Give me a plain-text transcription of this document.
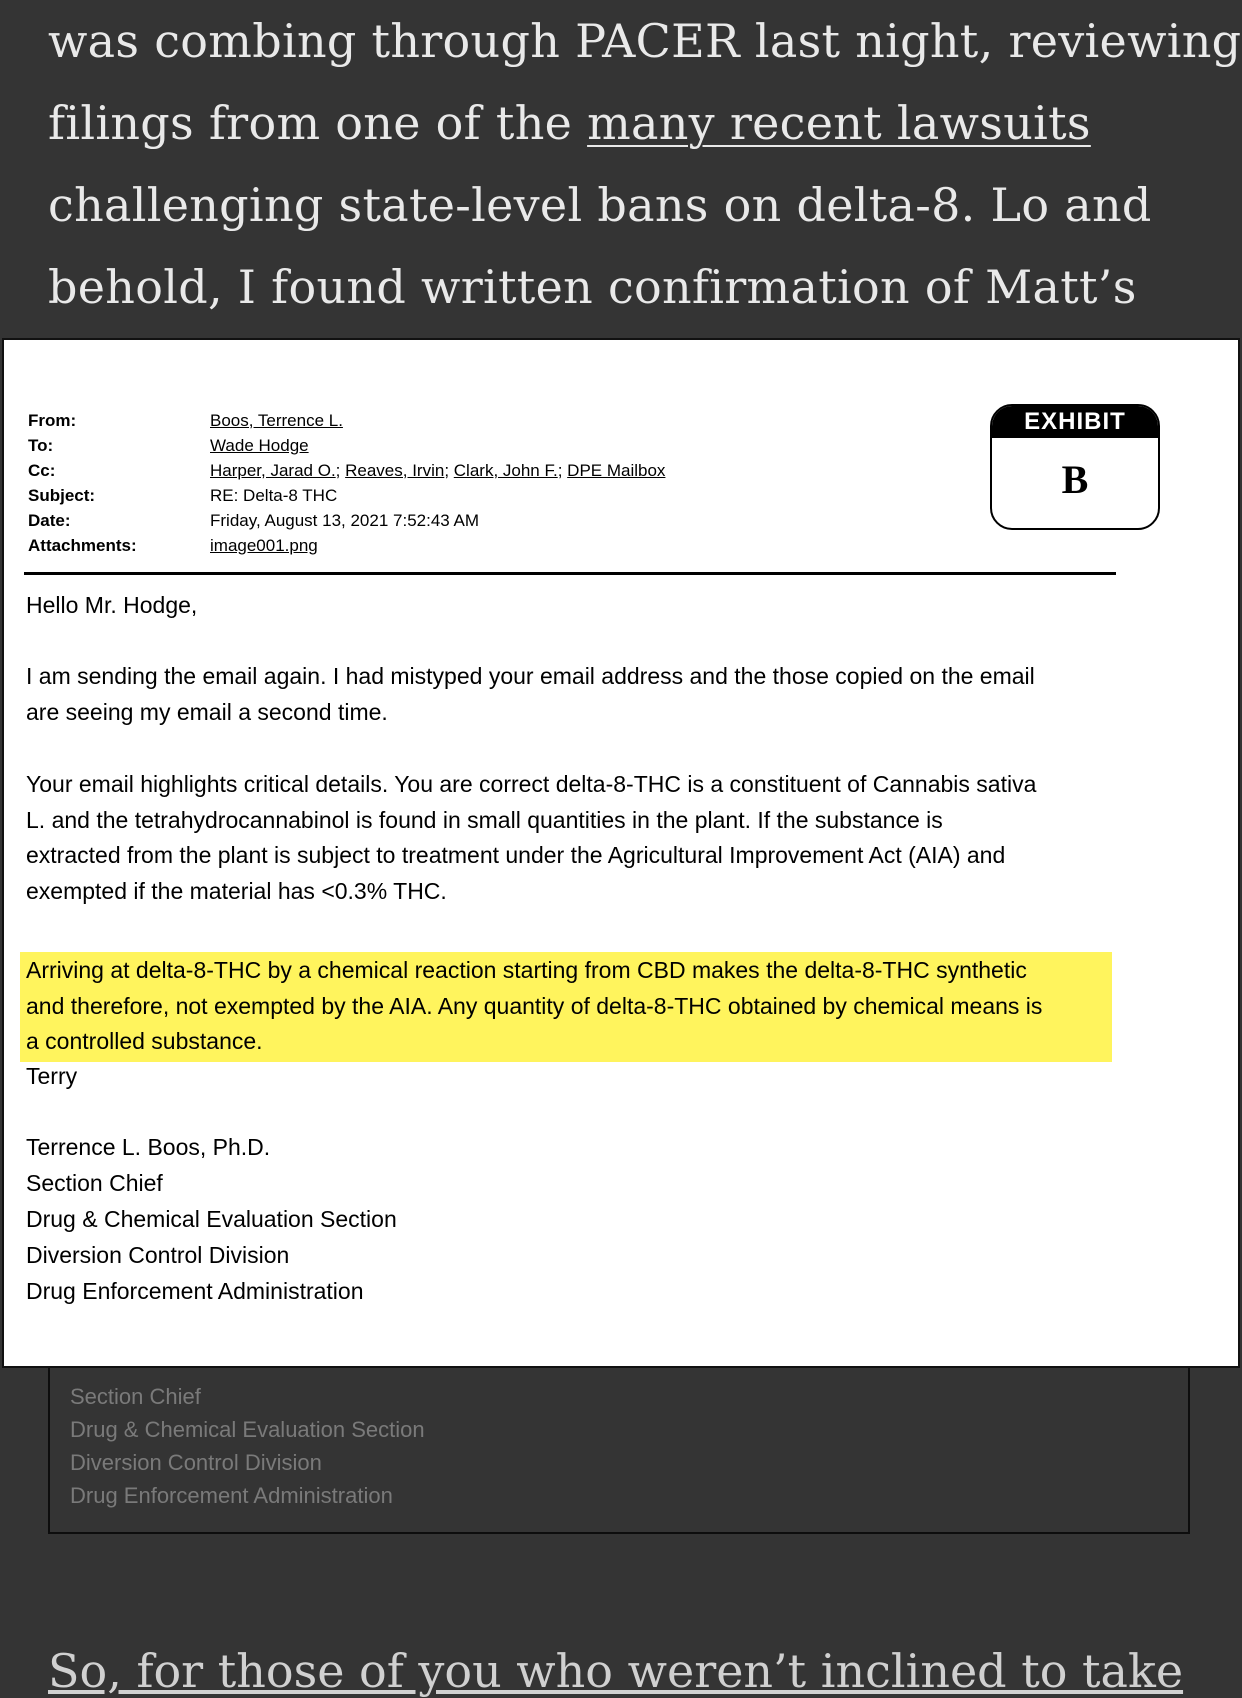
was combing through PACER last night, reviewing
filings from one of the many recent lawsuits
challenging state-level bans on delta-8. Lo and
behold, I found written confirmation of Matt’s
Section Chief
Drug & Chemical Evaluation Section
Diversion Control Division
Drug Enforcement Administration
So, for those of you who weren’t inclined to take
From:	Boos, Terrence L.
To:	Wade Hodge
Cc:	Harper, Jarad O.; Reaves, Irvin; Clark, John F.; DPE Mailbox
Subject:	RE: Delta-8 THC
Date:	Friday, August 13, 2021 7:52:43 AM
Attachments:	image001.png
EXHIBIT
B

Hello Mr. Hodge,

I am sending the email again. I had mistyped your email address and the those copied on the email
are seeing my email a second time.

Your email highlights critical details. You are correct delta-8-THC is a constituent of Cannabis sativa
L. and the tetrahydrocannabinol is found in small quantities in the plant. If the substance is
extracted from the plant is subject to treatment under the Agricultural Improvement Act (AIA) and
exempted if the material has <0.3% THC.

Arriving at delta-8-THC by a chemical reaction starting from CBD makes the delta-8-THC synthetic
and therefore, not exempted by the AIA. Any quantity of delta-8-THC obtained by chemical means is
a controlled substance.

Terry

Terrence L. Boos, Ph.D.
Section Chief
Drug & Chemical Evaluation Section
Diversion Control Division
Drug Enforcement Administration
